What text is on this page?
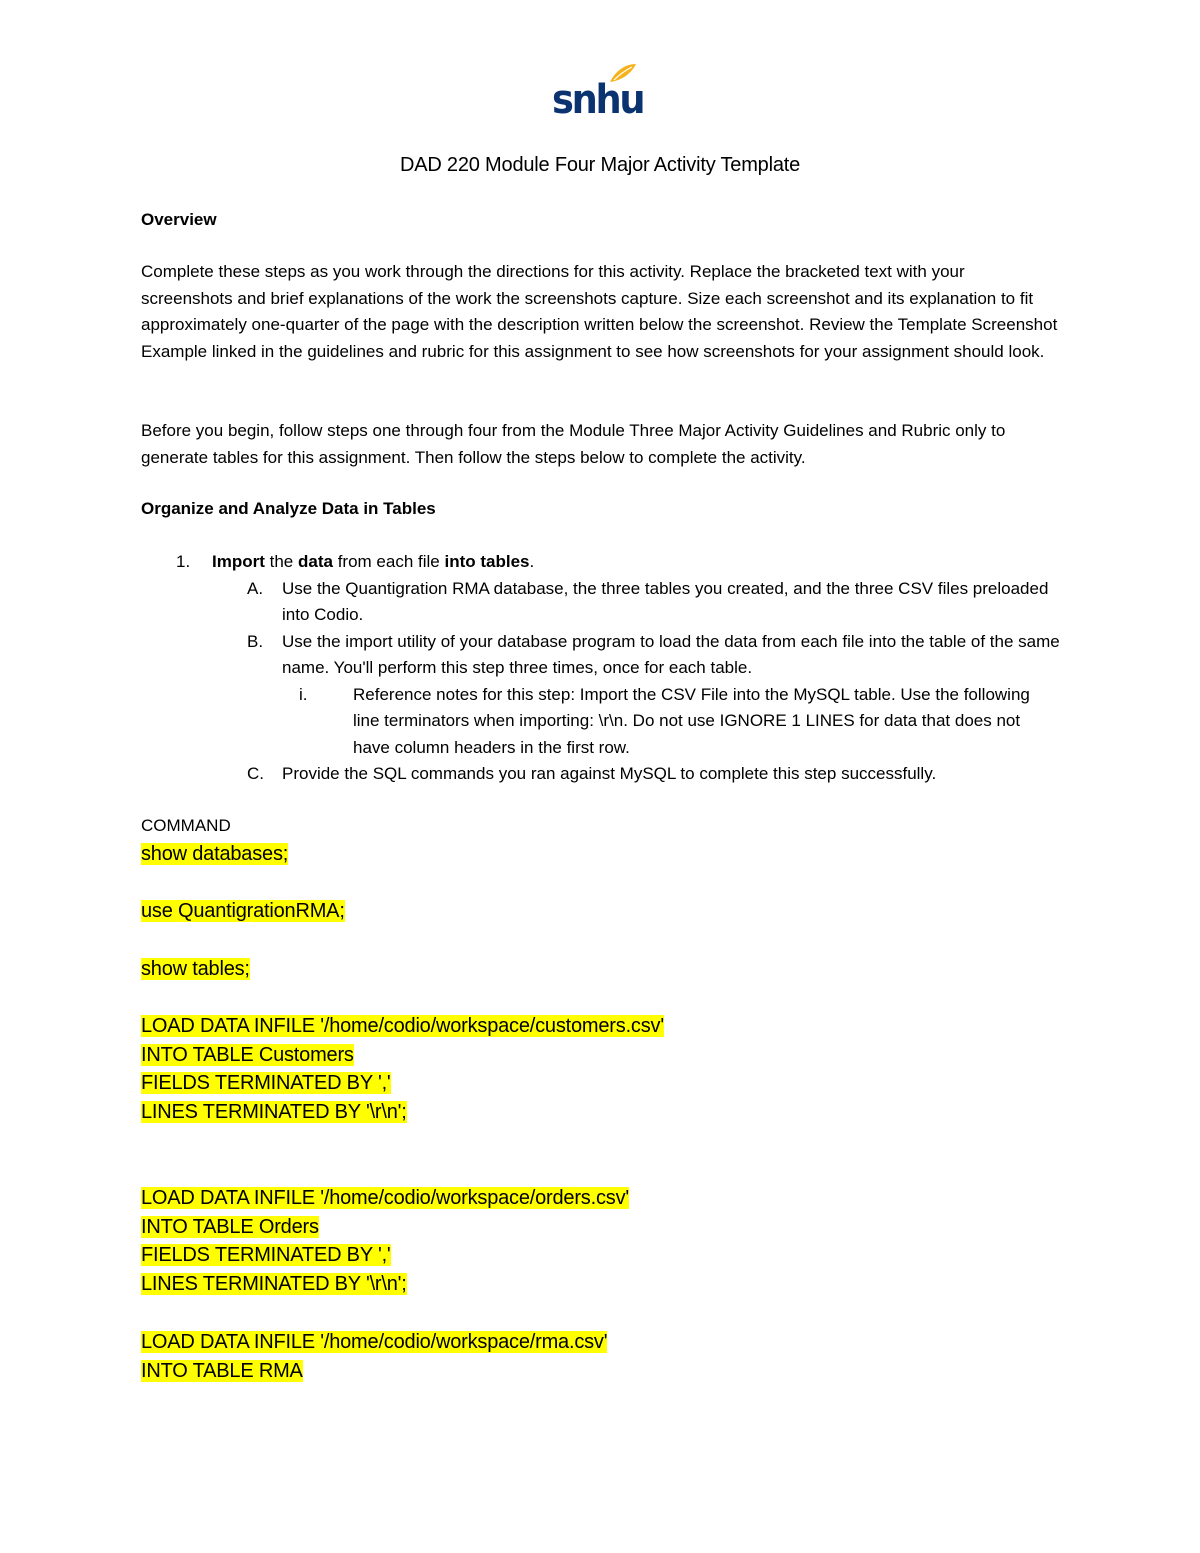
snhu
DAD 220 Module Four Major Activity Template
Overview

Complete these steps as you work through the directions for this activity. Replace the bracketed text with your screenshots and brief explanations of the work the screenshots capture. Size each screenshot and its explanation to fit approximately one-quarter of the page with the description written below the screenshot. Review the Template Screenshot Example linked in the guidelines and rubric for this assignment to see how screenshots for your assignment should look.

Before you begin, follow steps one through four from the Module Three Major Activity Guidelines and Rubric only to generate tables for this assignment. Then follow the steps below to complete the activity.

Organize and Analyze Data in Tables
1. Import the data from each file into tables.
A. Use the Quantigration RMA database, the three tables you created, and the three CSV files preloaded into Codio.
B. Use the import utility of your database program to load the data from each file into the table of the same name. You'll perform this step three times, once for each table.
i.	Reference notes for this step: Import the CSV File into the MySQL table. Use the following line terminators when importing: \r\n. Do not use IGNORE 1 LINES for data that does not have column headers in the first row.
C. Provide the SQL commands you ran against MySQL to complete this step successfully.
COMMAND
show databases;
use QuantigrationRMA;
show tables;
LOAD DATA INFILE '/home/codio/workspace/customers.csv'
INTO TABLE Customers
FIELDS TERMINATED BY ','
LINES TERMINATED BY '\r\n';
LOAD DATA INFILE '/home/codio/workspace/orders.csv'
INTO TABLE Orders
FIELDS TERMINATED BY ','
LINES TERMINATED BY '\r\n';
LOAD DATA INFILE '/home/codio/workspace/rma.csv'
INTO TABLE RMA
